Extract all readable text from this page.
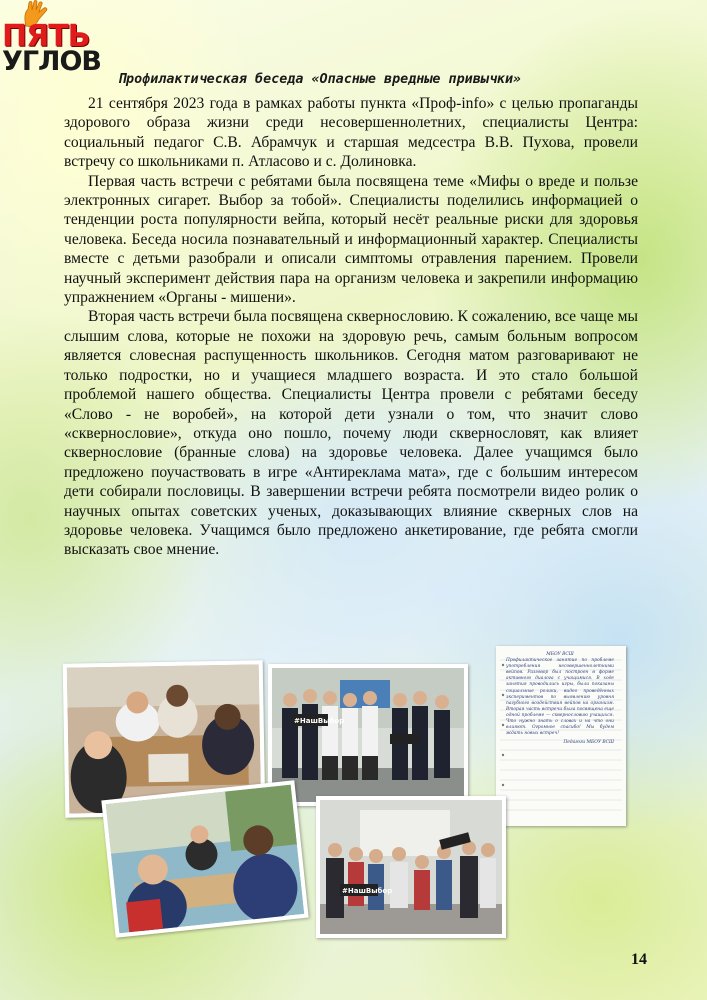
ПЯТЬ
УГЛОВ
Профилактическая беседа «Опасные вредные привычки»

21 сентября 2023 года в рамках работы пункта «Проф-info» с целью пропаганды здорового образа жизни среди несовершеннолетних, специалисты Центра: социальный педагог С.В. Абрамчук и старшая медсестра В.В. Пухова, провели встречу со школьниками п. Атласово и с. Долиновка.

Первая часть встречи с ребятами была посвящена теме «Мифы о вреде и пользе электронных сигарет. Выбор за тобой». Специалисты поделились информацией о тенденции роста популярности вейпа, который несёт реальные риски для здоровья человека. Беседа носила познавательный и информационный характер. Специалисты вместе с детьми разобрали и описали симптомы отравления парением. Провели научный эксперимент действия пара на организм человека и закрепили информацию упражнением «Органы - мишени».

Вторая часть встречи была посвящена сквернословию. К сожалению, все чаще мы слышим слова, которые не похожи на здоровую речь, самым больным вопросом является словесная распущенность школьников. Сегодня матом разговаривают не только подростки, но и учащиеся младшего возраста. И это стало большой проблемой нашего общества. Специалисты Центра провели с ребятами беседу «Слово - не воробей», на которой дети узнали о том, что значит слово «сквернословие», откуда оно пошло, почему люди сквернословят, как влияет сквернословие (бранные слова) на здоровье человека. Далее учащимся было предложено поучаствовать в игре «Антиреклама мата», где с большим интересом дети собирали пословицы. В завершении встречи ребята посмотрели видео ролик о научных опытах советских ученых, доказывающих влияние скверных слов на здоровье человека. Учащимся было предложено анкетирование, где ребята смогли высказать свое мнение.

#НашВыбор
МБОУ ВСШ
Профилактическое занятие по проблеме употребления несовершеннолетними вейпов. Разговор был построен в форме активного диалога с учащимися. В ходе занятия проводились игры, были показаны социальные ролики, видео проведённых экспериментов по выявлению уровня пагубного воздействия вейпов на организм. Вторая часть встречи была посвящена еще одной проблеме — сквернословию учащихся. Что нужно знать о словах и на что они влияют. Огромное спасибо! Мы будем ждать новых встреч!
Педагоги МБОУ ВСШ
#НашВыбор
14
